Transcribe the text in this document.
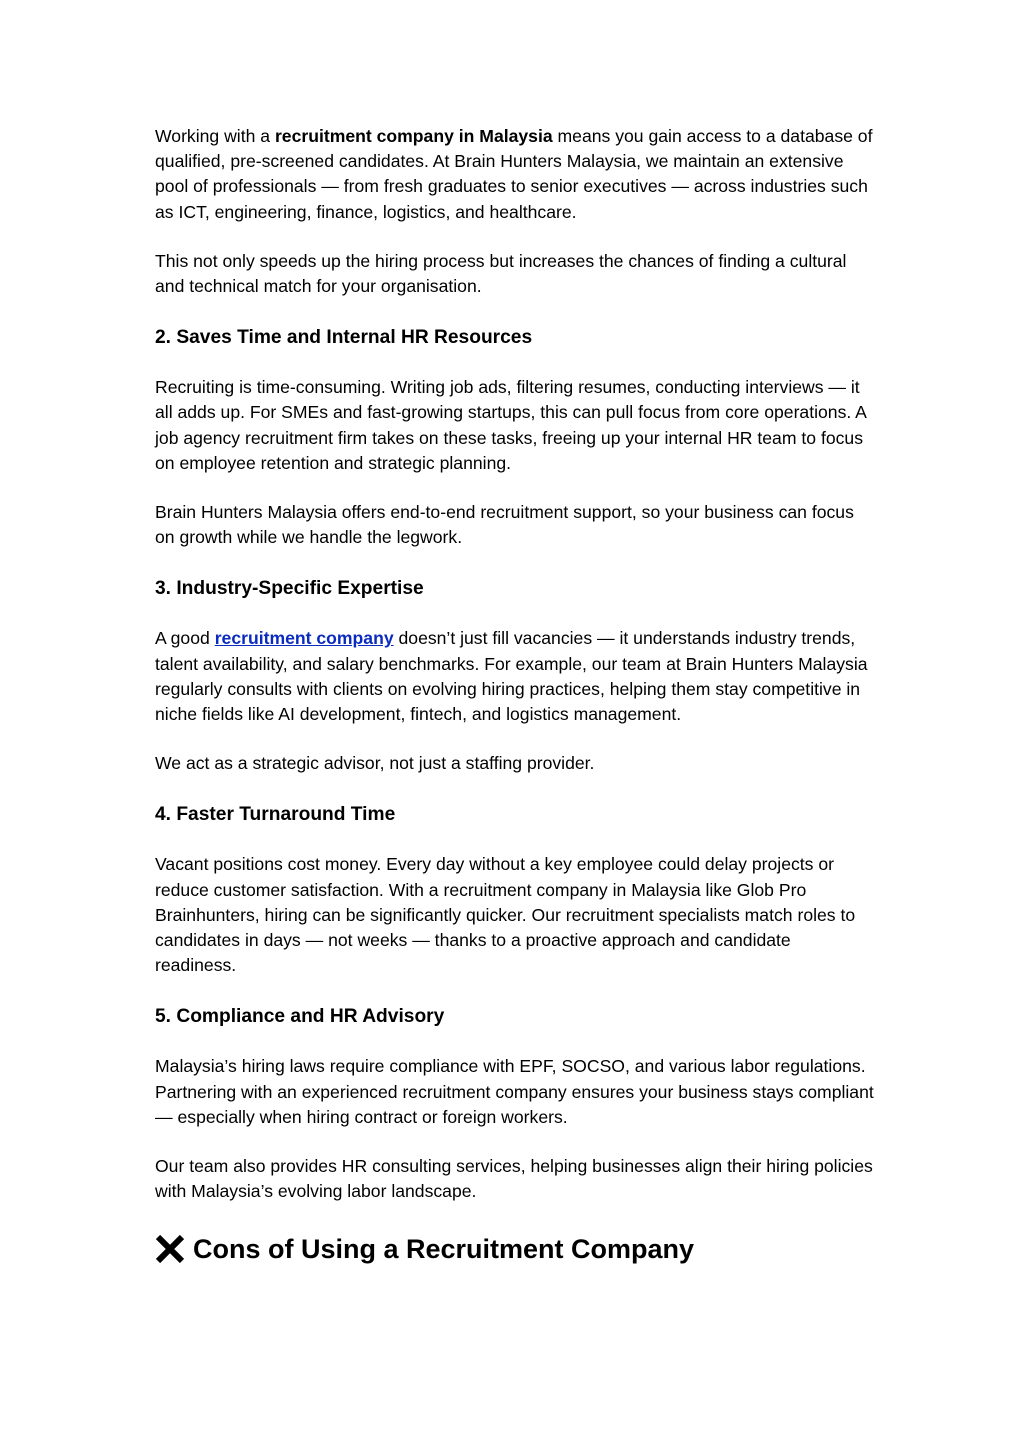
Working with a recruitment company in Malaysia means you gain access to a database of qualified, pre-screened candidates. At Brain Hunters Malaysia, we maintain an extensive pool of professionals — from fresh graduates to senior executives — across industries such as ICT, engineering, finance, logistics, and healthcare.

This not only speeds up the hiring process but increases the chances of finding a cultural and technical match for your organisation.

2. Saves Time and Internal HR Resources

Recruiting is time-consuming. Writing job ads, filtering resumes, conducting interviews — it all adds up. For SMEs and fast-growing startups, this can pull focus from core operations. A job agency recruitment firm takes on these tasks, freeing up your internal HR team to focus on employee retention and strategic planning.

Brain Hunters Malaysia offers end-to-end recruitment support, so your business can focus on growth while we handle the legwork.

3. Industry-Specific Expertise

A good recruitment company doesn’t just fill vacancies — it understands industry trends, talent availability, and salary benchmarks. For example, our team at Brain Hunters Malaysia regularly consults with clients on evolving hiring practices, helping them stay competitive in niche fields like AI development, fintech, and logistics management.

We act as a strategic advisor, not just a staffing provider.

4. Faster Turnaround Time

Vacant positions cost money. Every day without a key employee could delay projects or reduce customer satisfaction. With a recruitment company in Malaysia like Glob Pro Brainhunters, hiring can be significantly quicker. Our recruitment specialists match roles to candidates in days — not weeks — thanks to a proactive approach and candidate readiness.

5. Compliance and HR Advisory

Malaysia’s hiring laws require compliance with EPF, SOCSO, and various labor regulations. Partnering with an experienced recruitment company ensures your business stays compliant — especially when hiring contract or foreign workers.

Our team also provides HR consulting services, helping businesses align their hiring policies with Malaysia’s evolving labor landscape.

Cons of Using a Recruitment Company
